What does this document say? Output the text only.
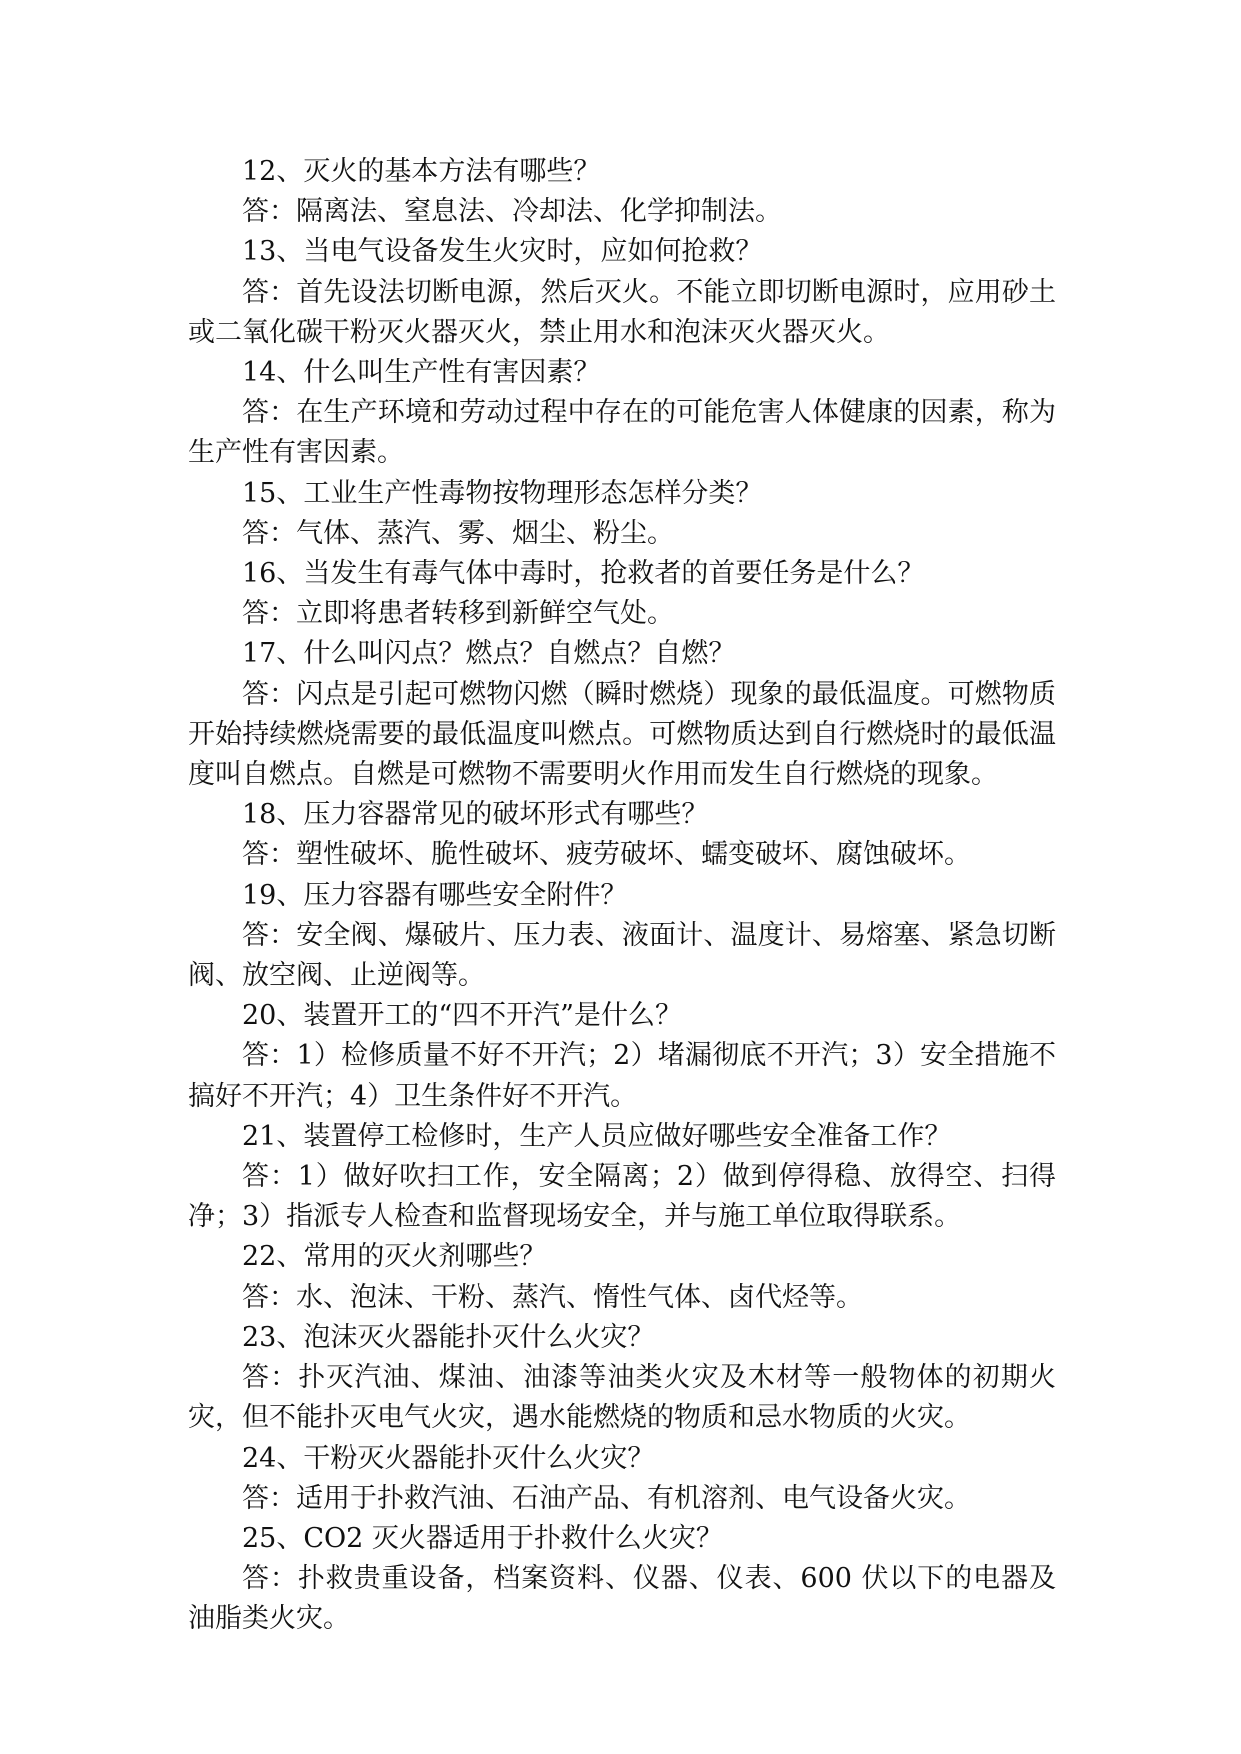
12、灭火的基本方法有哪些？

答：隔离法、窒息法、冷却法、化学抑制法。

13、当电气设备发生火灾时，应如何抢救？

答：首先设法切断电源，然后灭火。不能立即切断电源时，应用砂土或二氧化碳干粉灭火器灭火，禁止用水和泡沫灭火器灭火。

14、什么叫生产性有害因素？

答：在生产环境和劳动过程中存在的可能危害人体健康的因素，称为生产性有害因素。

15、工业生产性毒物按物理形态怎样分类？

答：气体、蒸汽、雾、烟尘、粉尘。

16、当发生有毒气体中毒时，抢救者的首要任务是什么？

答：立即将患者转移到新鲜空气处。

17、什么叫闪点？燃点？自燃点？自燃？

答：闪点是引起可燃物闪燃（瞬时燃烧）现象的最低温度。可燃物质开始持续燃烧需要的最低温度叫燃点。可燃物质达到自行燃烧时的最低温度叫自燃点。自燃是可燃物不需要明火作用而发生自行燃烧的现象。

18、压力容器常见的破坏形式有哪些？

答：塑性破坏、脆性破坏、疲劳破坏、蠕变破坏、腐蚀破坏。

19、压力容器有哪些安全附件？

答：安全阀、爆破片、压力表、液面计、温度计、易熔塞、紧急切断阀、放空阀、止逆阀等。

20、装置开工的“四不开汽”是什么？

答：1）检修质量不好不开汽；2）堵漏彻底不开汽；3）安全措施不搞好不开汽；4）卫生条件好不开汽。

21、装置停工检修时，生产人员应做好哪些安全准备工作？

答：1）做好吹扫工作，安全隔离；2）做到停得稳、放得空、扫得净；3）指派专人检查和监督现场安全，并与施工单位取得联系。

22、常用的灭火剂哪些？

答：水、泡沫、干粉、蒸汽、惰性气体、卤代烃等。

23、泡沫灭火器能扑灭什么火灾？

答：扑灭汽油、煤油、油漆等油类火灾及木材等一般物体的初期火灾，但不能扑灭电气火灾，遇水能燃烧的物质和忌水物质的火灾。

24、干粉灭火器能扑灭什么火灾？

答：适用于扑救汽油、石油产品、有机溶剂、电气设备火灾。

25、CO2 灭火器适用于扑救什么火灾？

答：扑救贵重设备，档案资料、仪器、仪表、600 伏以下的电器及油脂类火灾。
